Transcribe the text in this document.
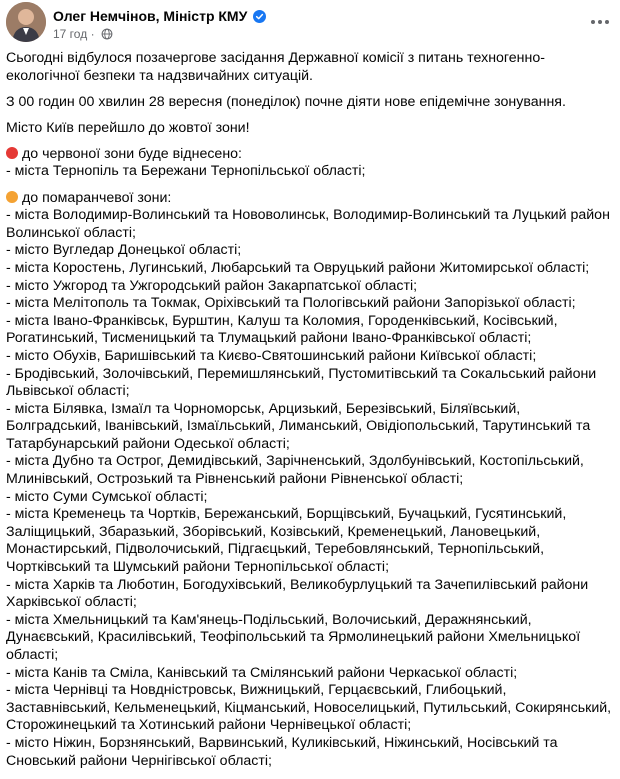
Олег Немчінов, Міністр КМУ
17 год ·

Сьогодні відбулося позачергове засідання Державної комісії з питань техногенно-екологічної безпеки та надзвичайних ситуацій.

З 00 годин 00 хвилин 28 вересня (понеділок) почне діяти нове епідемічне зонування.

Місто Київ перейшло до жовтої зони!

до червоної зони буде віднесено:
- міста Тернопіль та Бережани Тернопільської області;

до помаранчевої зони:
- міста Володимир-Волинський та Нововолинськ, Володимир-Волинський та Луцький район Волинської області;
- місто Вугледар Донецької області;
- міста Коростень, Лугинський, Любарський та Овруцький райони Житомирської області;
- місто Ужгород та Ужгородський район Закарпатської області;
- міста Мелітополь та Токмак, Оріхівський та Пологівський райони Запорізької області;
- міста Івано-Франківськ, Бурштин, Калуш та Коломия, Городенківський, Косівський, Рогатинський, Тисменицький та Тлумацький райони Івано-Франківської області;
- місто Обухів, Баришівський та Києво-Святошинський райони Київської області;
- Бродівський, Золочівський, Перемишлянський, Пустомитівський та Сокальський райони Львівської області;
- міста Білявка, Ізмаїл та Чорноморськ, Арцизький, Березівський, Біляївський, Болградський, Іванівський, Ізмаїльський, Лиманський, Овідіопольський, Тарутинський та Татарбунарський райони Одеської області;
- міста Дубно та Острог, Демидівський, Зарічненський, Здолбунівський, Костопільський, Млинівський, Острозький та Рівненський райони Рівненської області;
- місто Суми Сумської області;
- міста Кременець та Чортків, Бережанський, Борщівський, Бучацький, Гусятинський, Заліщицький, Збаразький, Зборівський, Козівський, Кременецький, Лановецький, Монастирський, Підволочиський, Підгаєцький, Теребовлянський, Тернопільський, Чортківський та Шумський райони Тернопільської області;
- міста Харків та Люботин, Богодухівський, Великобурлуцький та Зачепилівський райони Харківської області;
- міста Хмельницький та Кам'янець-Подільський, Волочиський, Деражнянський, Дунаєвський, Красилівський, Теофіпольський та Ярмолинецький райони Хмельницької області;
- міста Канів та Сміла, Канівський та Смілянський райони Черкаської області;
- міста Чернівці та Новднiстровськ, Вижницький, Герцаєвський, Глибоцький, Заставнівський, Кельменецький, Кіцманський, Новоселицький, Путильський, Сокирянський, Сторожинецький та Хотинський райони Чернівецької області;
- місто Ніжин, Борзнянський, Варвинський, Куликівський, Ніжинський, Носівський та Сновський райони Чернігівської області;
